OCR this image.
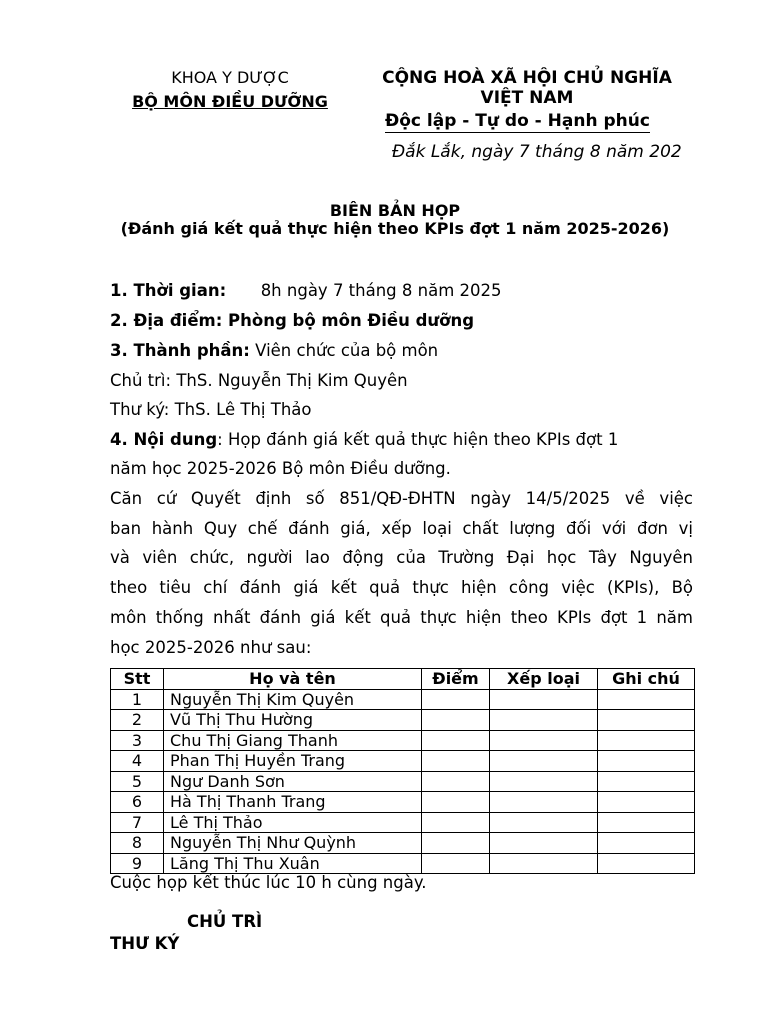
KHOA Y DƯỢC
BỘ MÔN ĐIỀU DƯỠNG
CỘNG HOÀ XÃ HỘI CHỦ NGHĨA VIỆT NAM
Độc lập - Tự do - Hạnh phúc
Đắk Lắk, ngày 7 tháng 8 năm 202
BIÊN BẢN HỌP
(Đánh giá kết quả thực hiện theo KPIs đợt 1 năm 2025-2026)
1. Thời gian: 8h ngày 7 tháng 8 năm 2025
2. Địa điểm: Phòng bộ môn Điều dưỡng
3. Thành phần: Viên chức của bộ môn
Chủ trì: ThS. Nguyễn Thị Kim Quyên
Thư ký: ThS. Lê Thị Thảo
4. Nội dung: Họp đánh giá kết quả thực hiện theo KPIs đợt 1
năm học 2025-2026 Bộ môn Điều dưỡng.
Căn cứ Quyết định số 851/QĐ-ĐHTN ngày 14/5/2025 về việc
ban hành Quy chế đánh giá, xếp loại chất lượng đối với đơn vị
và viên chức, người lao động của Trường Đại học Tây Nguyên
theo tiêu chí đánh giá kết quả thực hiện công việc (KPIs), Bộ
môn thống nhất đánh giá kết quả thực hiện theo KPIs đợt 1 năm
học 2025-2026 như sau:
Stt	Họ và tên	Điểm	Xếp loại	Ghi chú
1	Nguyễn Thị Kim Quyên			
2	Vũ Thị Thu Hường			
3	Chu Thị Giang Thanh			
4	Phan Thị Huyền Trang			
5	Ngư Danh Sơn			
6	Hà Thị Thanh Trang			
7	Lê Thị Thảo			
8	Nguyễn Thị Như Quỳnh			
9	Lăng Thị Thu Xuân			
Cuộc họp kết thúc lúc 10 h cùng ngày.
CHỦ TRÌ
THƯ KÝ
